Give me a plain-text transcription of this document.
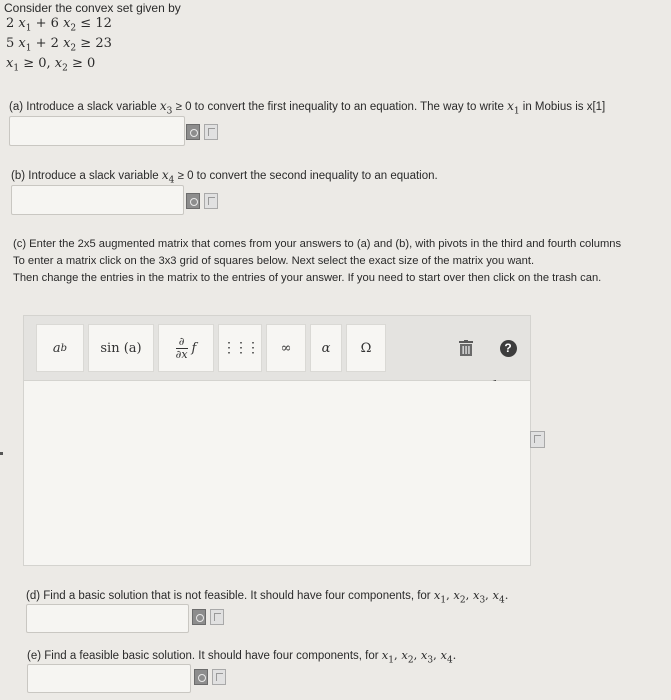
Consider the convex set given by
2 $x_1 + 6$ $x_2 \le 12$
5 $x_1 + 2$ $x_2 \ge 23$
$x_1 \ge 0$, $x_2 \ge 0$
(a) Introduce a slack variable $x_3 \ge 0$ to convert the first inequality to an equation. The way to write $x_1$ in Mobius is x[1]
(b) Introduce a slack variable $x_4 \ge 0$ to convert the second inequality to an equation.
(c) Enter the 2x5 augmented matrix that comes from your answers to (a) and (b), with pivots in the third and fourth columns
To enter a matrix click on the 3x3 grid of squares below. Next select the exact size of the matrix you want.
Then change the entries in the matrix to the entries of your answer. If you need to start over then click on the trash can.
a b	sin (a)	∂
∂x f ⋮⋮⋮ ∞ α Ω	?
(d) Find a basic solution that is not feasible. It should have four components, for $x_1$, $x_2$, $x_3$, $x_4$.
(e) Find a feasible basic solution. It should have four components, for $x_1$, $x_2$, $x_3$, $x_4$.
